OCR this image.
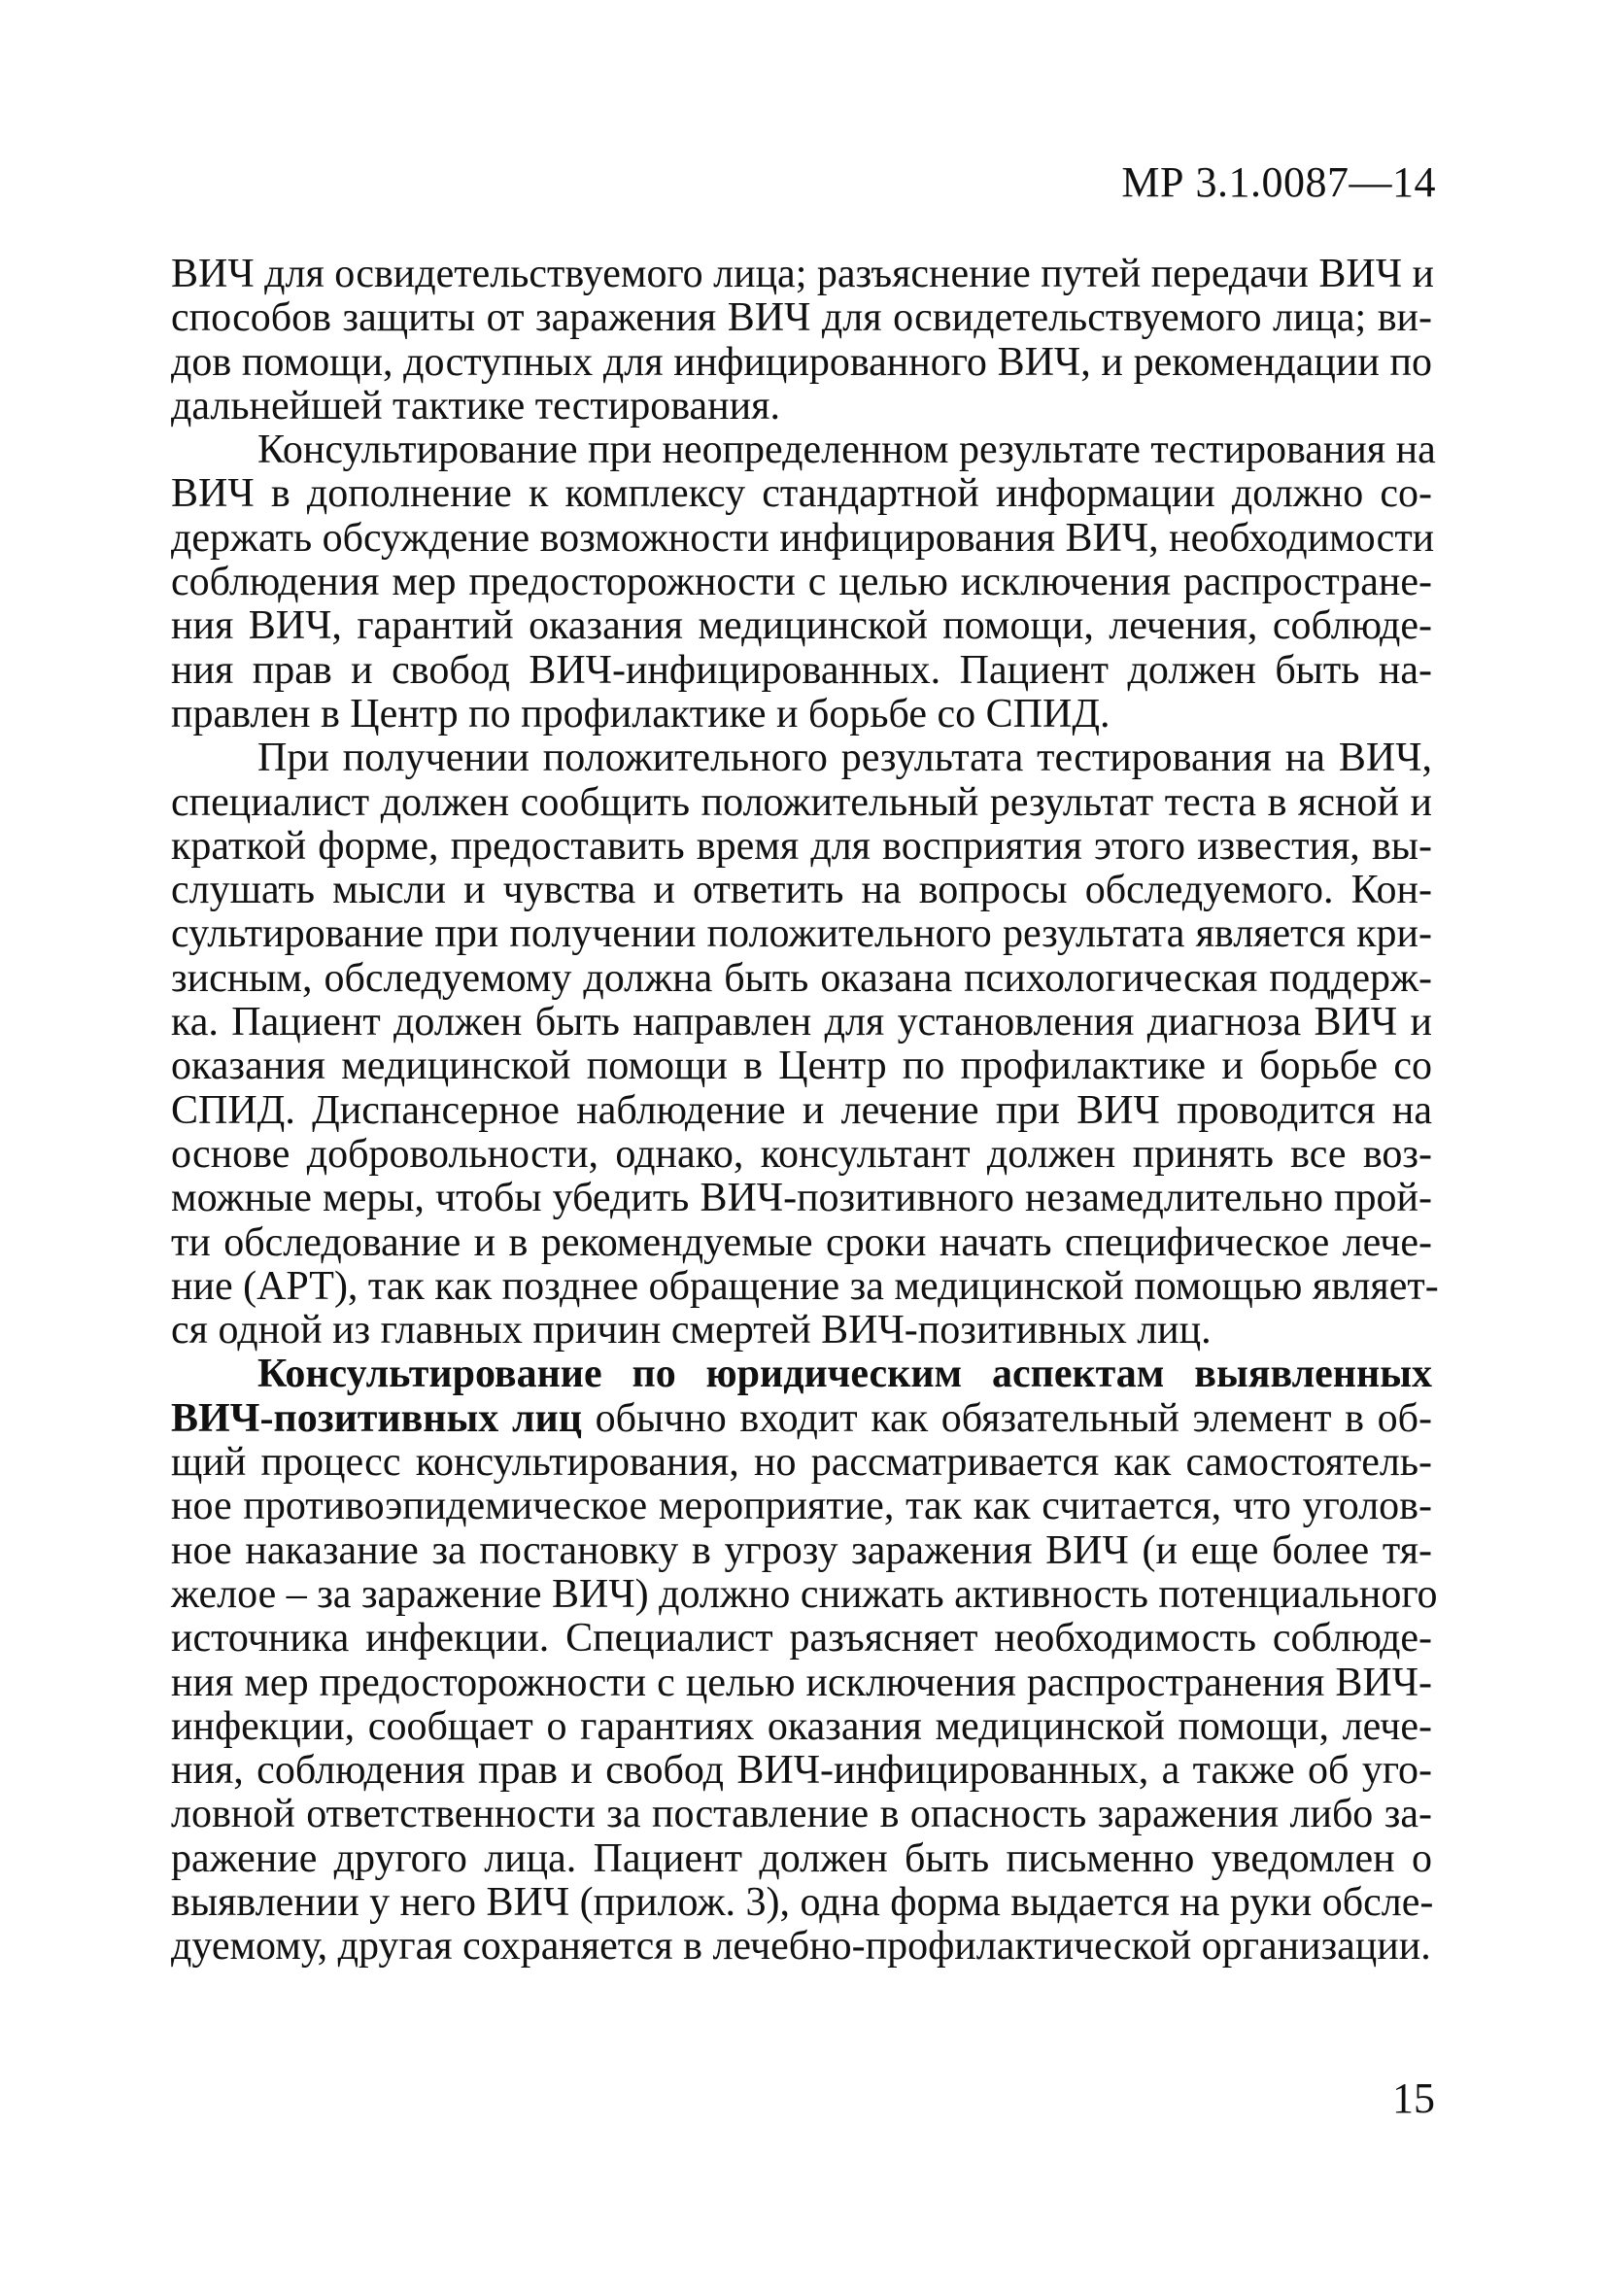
МР 3.1.0087—14
ВИЧ для освидетельствуемого лица; разъяснение путей передачи ВИЧ и
способов защиты от заражения ВИЧ для освидетельствуемого лица; ви-
дов помощи, доступных для инфицированного ВИЧ, и рекомендации по
дальнейшей тактике тестирования.
Консультирование при неопределенном результате тестирования на
ВИЧ в дополнение к комплексу стандартной информации должно со-
держать обсуждение возможности инфицирования ВИЧ, необходимости
соблюдения мер предосторожности с целью исключения распростране-
ния ВИЧ, гарантий оказания медицинской помощи, лечения, соблюде-
ния прав и свобод ВИЧ-инфицированных. Пациент должен быть на-
правлен в Центр по профилактике и борьбе со СПИД.
При получении положительного результата тестирования на ВИЧ,
специалист должен сообщить положительный результат теста в ясной и
краткой форме, предоставить время для восприятия этого известия, вы-
слушать мысли и чувства и ответить на вопросы обследуемого. Кон-
сультирование при получении положительного результата является кри-
зисным, обследуемому должна быть оказана психологическая поддерж-
ка. Пациент должен быть направлен для установления диагноза ВИЧ и
оказания медицинской помощи в Центр по профилактике и борьбе со
СПИД. Диспансерное наблюдение и лечение при ВИЧ проводится на
основе добровольности, однако, консультант должен принять все воз-
можные меры, чтобы убедить ВИЧ-позитивного незамедлительно прой-
ти обследование и в рекомендуемые сроки начать специфическое лече-
ние (АРТ), так как позднее обращение за медицинской помощью являет-
ся одной из главных причин смертей ВИЧ-позитивных лиц.
Консультирование по юридическим аспектам выявленных
ВИЧ-позитивных лиц обычно входит как обязательный элемент в об-
щий процесс консультирования, но рассматривается как самостоятель-
ное противоэпидемическое мероприятие, так как считается, что уголов-
ное наказание за постановку в угрозу заражения ВИЧ (и еще более тя-
желое – за заражение ВИЧ) должно снижать активность потенциального
источника инфекции. Специалист разъясняет необходимость соблюде-
ния мер предосторожности с целью исключения распространения ВИЧ-
инфекции, сообщает о гарантиях оказания медицинской помощи, лече-
ния, соблюдения прав и свобод ВИЧ-инфицированных, а также об уго-
ловной ответственности за поставление в опасность заражения либо за-
ражение другого лица. Пациент должен быть письменно уведомлен о
выявлении у него ВИЧ (прилож. 3), одна форма выдается на руки обсле-
дуемому, другая сохраняется в лечебно-профилактической организации.
15
